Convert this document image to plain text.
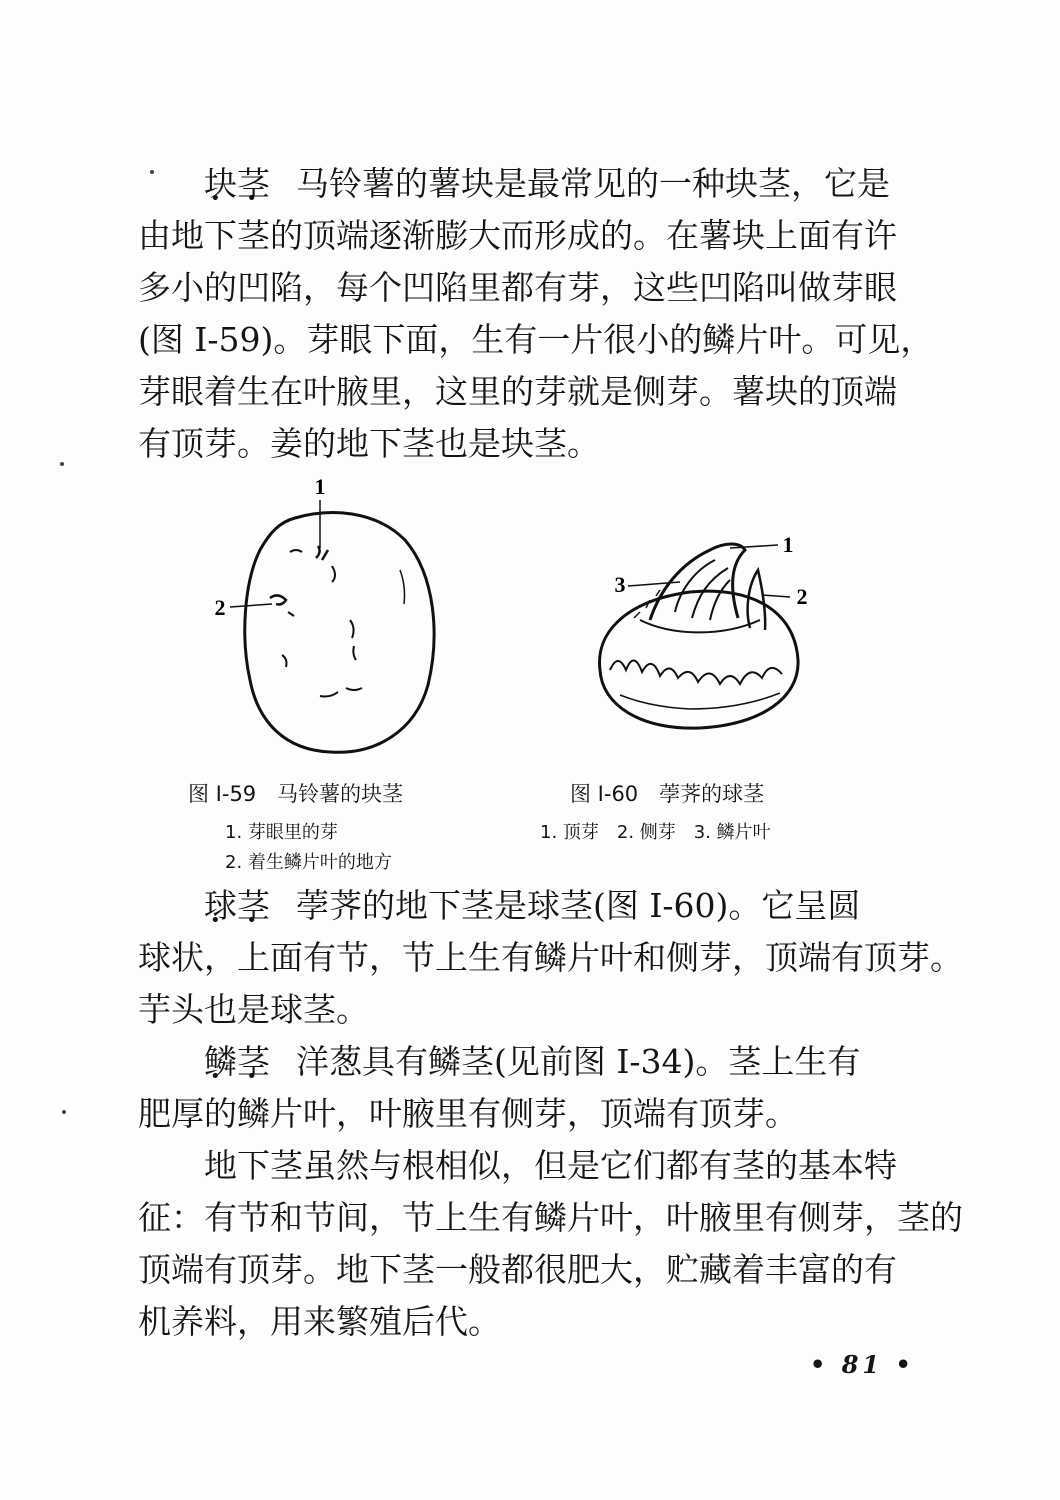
块茎 • • 马铃薯的薯块是最常见的一种块茎，它是
由地下茎的顶端逐渐膨大而形成的。在薯块上面有许
多小的凹陷，每个凹陷里都有芽，这些凹陷叫做芽眼
(图 I-59)。芽眼下面，生有一片很小的鳞片叶。可见，
芽眼着生在叶腋里，这里的芽就是侧芽。薯块的顶端
有顶芽。姜的地下茎也是块茎。
1
2
1
2
3
图 I-59　马铃薯的块茎
1. 芽眼里的芽
2. 着生鳞片叶的地方
图 I-60　荸荠的球茎
1. 顶芽　2. 侧芽　3. 鳞片叶
球茎 • • 荸荠的地下茎是球茎(图 I-60)。它呈圆
球状，上面有节，节上生有鳞片叶和侧芽，顶端有顶芽。
芋头也是球茎。
鳞茎 • • 洋葱具有鳞茎(见前图 I-34)。茎上生有
肥厚的鳞片叶，叶腋里有侧芽，顶端有顶芽。
地下茎虽然与根相似，但是它们都有茎的基本特
征：有节和节间，节上生有鳞片叶，叶腋里有侧芽，茎的
顶端有顶芽。地下茎一般都很肥大，贮藏着丰富的有
机养料，用来繁殖后代。
• 81 •
